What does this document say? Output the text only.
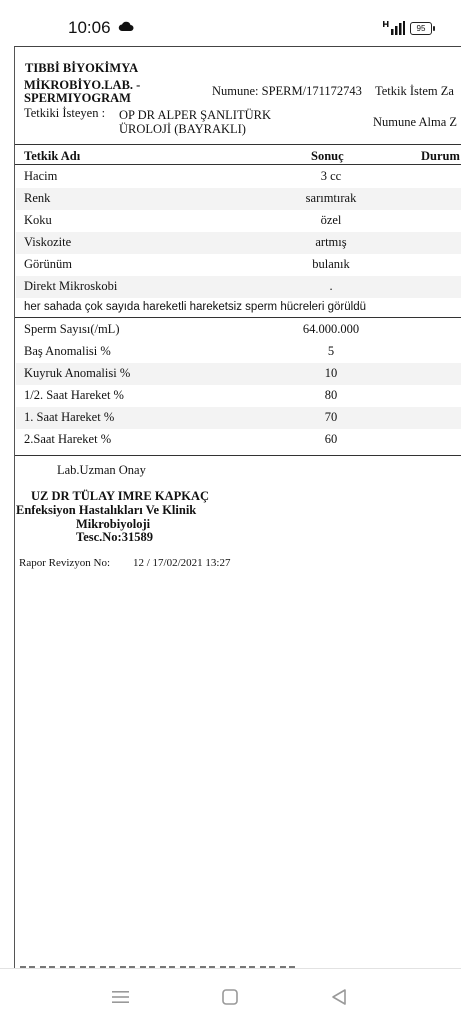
10:06	95
TIBBİ BİYOKİMYA
MİKROBİYO.LAB. -
SPERMIYOGRAM	Numune: SPERM/171172743 Tetkik İstem Za
Tetkiki İsteyen : OP DR ALPER ŞANLITÜRK
ÜROLOJİ (BAYRAKLI)	Numune Alma Z
Tetkik Adı	Sonuç	Durum
Hacim	3 cc
Renk	sarımtırak
Koku	özel
Viskozite	artmış
Görünüm	bulanık
Direkt Mikroskobi	.
her sahada çok sayıda hareketli hareketsiz sperm hücreleri görüldü
Sperm Sayısı(/mL)	64.000.000
Baş Anomalisi %	5
Kuyruk Anomalisi %	10
1/2. Saat Hareket %	80
1. Saat Hareket %	70
2.Saat Hareket %	60
Lab.Uzman Onay
UZ DR TÜLAY IMRE KAPKAÇ
Enfeksiyon Hastalıkları Ve Klinik
Mikrobiyoloji
Tesc.No:31589
Rapor Revizyon No: 12 / 17/02/2021 13:27
